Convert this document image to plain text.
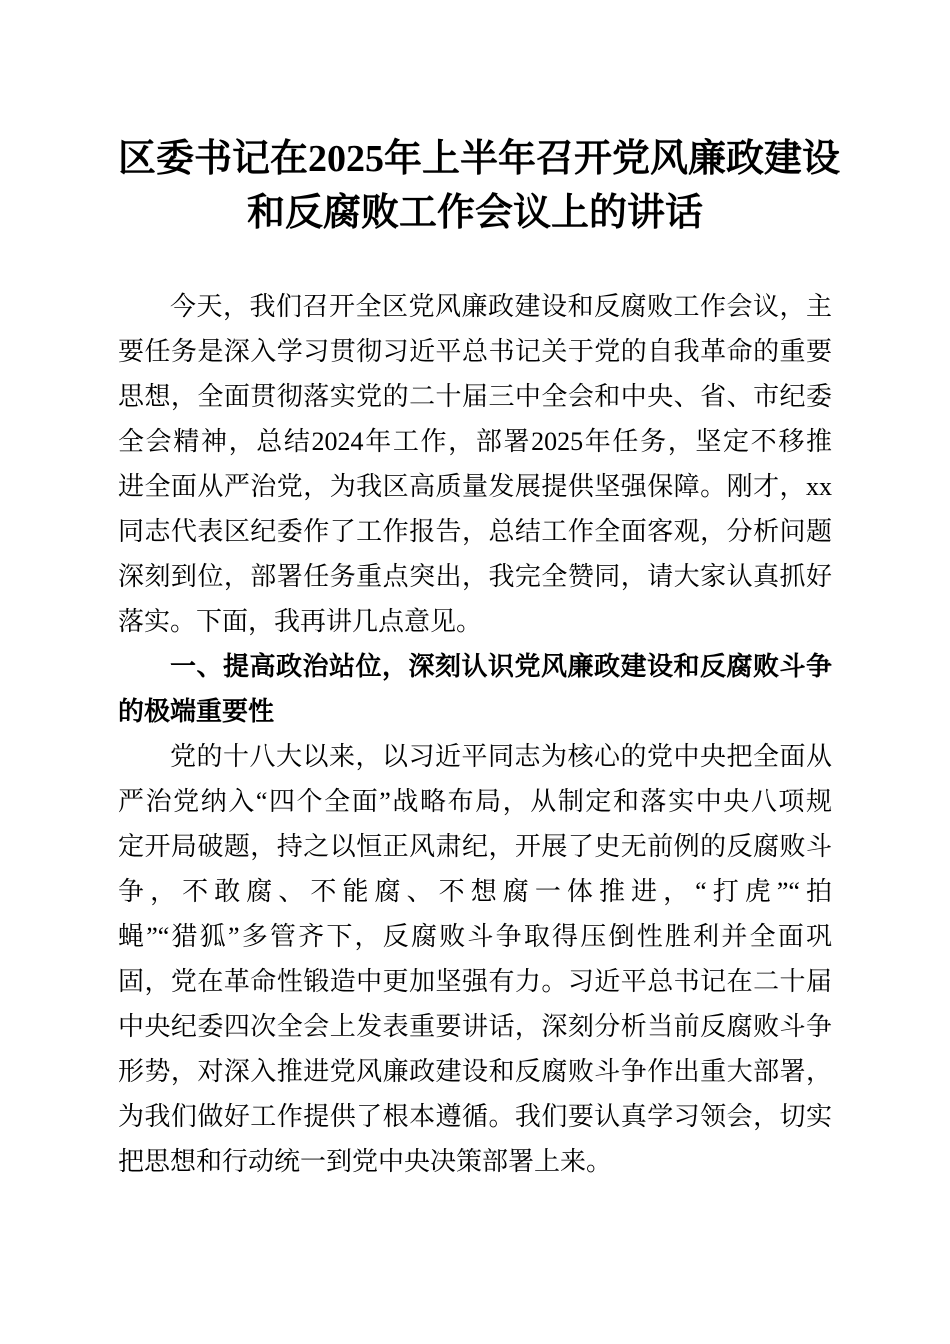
区委书记在2025年上半年召开党风廉政建设
和反腐败工作会议上的讲话
今天，我们召开全区党风廉政建设和反腐败工作会议，主
要任务是深入学习贯彻习近平总书记关于党的自我革命的重要
思想，全面贯彻落实党的二十届三中全会和中央、省、市纪委
全会精神，总结2024年工作，部署2025年任务，坚定不移推
进全面从严治党，为我区高质量发展提供坚强保障。刚才，xx
同志代表区纪委作了工作报告，总结工作全面客观，分析问题
深刻到位，部署任务重点突出，我完全赞同，请大家认真抓好
落实。下面，我再讲几点意见。
一、提高政治站位，深刻认识党风廉政建设和反腐败斗争
的极端重要性
党的十八大以来，以习近平同志为核心的党中央把全面从
严治党纳入“四个全面”战略布局，从制定和落实中央八项规
定开局破题，持之以恒正风肃纪，开展了史无前例的反腐败斗
争，不敢腐、不能腐、不想腐一体推进，“打虎”“拍
蝇”“猎狐”多管齐下，反腐败斗争取得压倒性胜利并全面巩
固，党在革命性锻造中更加坚强有力。习近平总书记在二十届
中央纪委四次全会上发表重要讲话，深刻分析当前反腐败斗争
形势，对深入推进党风廉政建设和反腐败斗争作出重大部署，
为我们做好工作提供了根本遵循。我们要认真学习领会，切实
把思想和行动统一到党中央决策部署上来。
